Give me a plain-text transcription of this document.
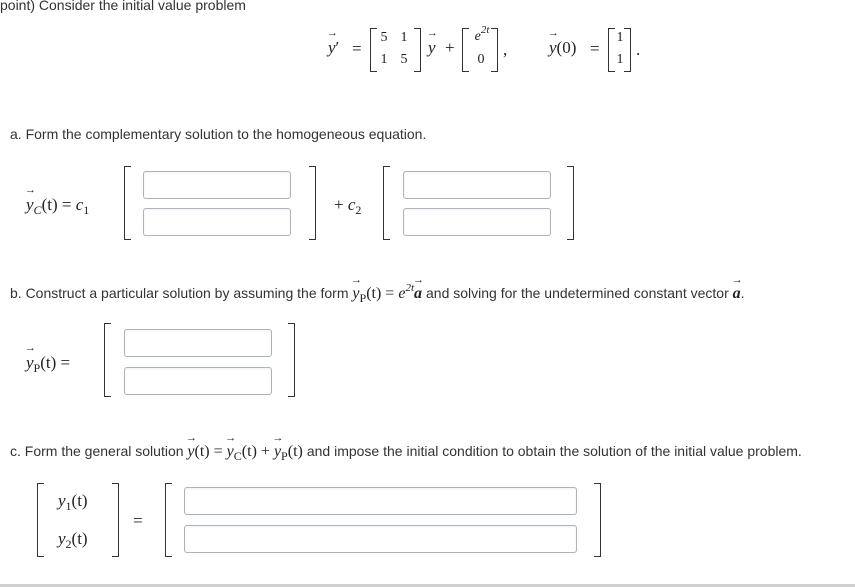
point) Consider the initial value problem
→ y′ =
5 1
1 5
→ y +
$e^{2t}$
0
, → y(0) =
1
1
.
a. Form the complementary solution to the homogeneous equation.
→ $y_C(t) = c_1$	+ $c_2$
b. Construct a particular solution by assuming the form → $y_P(t) = e^{2t}\to a$ and solving for the undetermined constant vector → a.
→ $y_P(t)$ =
c. Form the general solution → y(t) = → $y_C(t)$ + → $y_P(t)$ and impose the initial condition to obtain the solution of the initial value problem.
$y_1(t)$
$y_2(t)$
=
